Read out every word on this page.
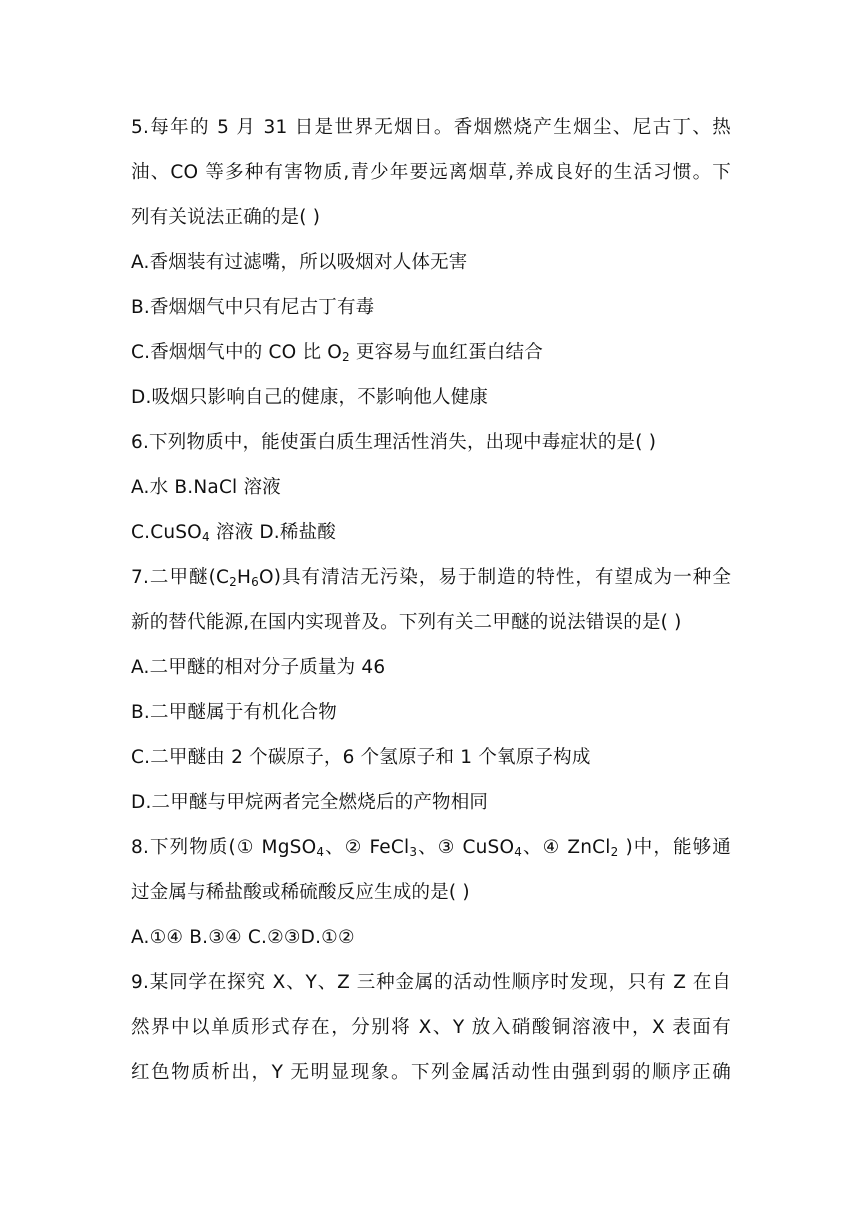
5.每年的 5 月 31 日是世界无烟日。香烟燃烧产生烟尘、尼古丁、热
油、CO 等多种有害物质,青少年要远离烟草,养成良好的生活习惯。下
列有关说法正确的是( )
A.香烟装有过滤嘴，所以吸烟对人体无害
B.香烟烟气中只有尼古丁有毒
C.香烟烟气中的 CO 比 $O_2$ 更容易与血红蛋白结合
D.吸烟只影响自己的健康，不影响他人健康
6.下列物质中，能使蛋白质生理活性消失，出现中毒症状的是( )
A.水 B.NaCl 溶液
C.CuSO$_4$ 溶液 D.稀盐酸
7.二甲醚$(C_2H_6O)$具有清洁无污染，易于制造的特性，有望成为一种全
新的替代能源,在国内实现普及。下列有关二甲醚的说法错误的是( )
A.二甲醚的相对分子质量为 46
B.二甲醚属于有机化合物
C.二甲醚由 2 个碳原子，6 个氢原子和 1 个氧原子构成
D.二甲醚与甲烷两者完全燃烧后的产物相同
8.下列物质(① MgSO$_4$、② FeCl$_3$、③ CuSO$_4$、④ ZnCl$_2$ )中，能够通
过金属与稀盐酸或稀硫酸反应生成的是( )
A.①④ B.③④ C.②③D.①②
9.某同学在探究 X、Y、Z 三种金属的活动性顺序时发现，只有 Z 在自
然界中以单质形式存在，分别将 X、Y 放入硝酸铜溶液中，X 表面有
红色物质析出，Y 无明显现象。下列金属活动性由强到弱的顺序正确
